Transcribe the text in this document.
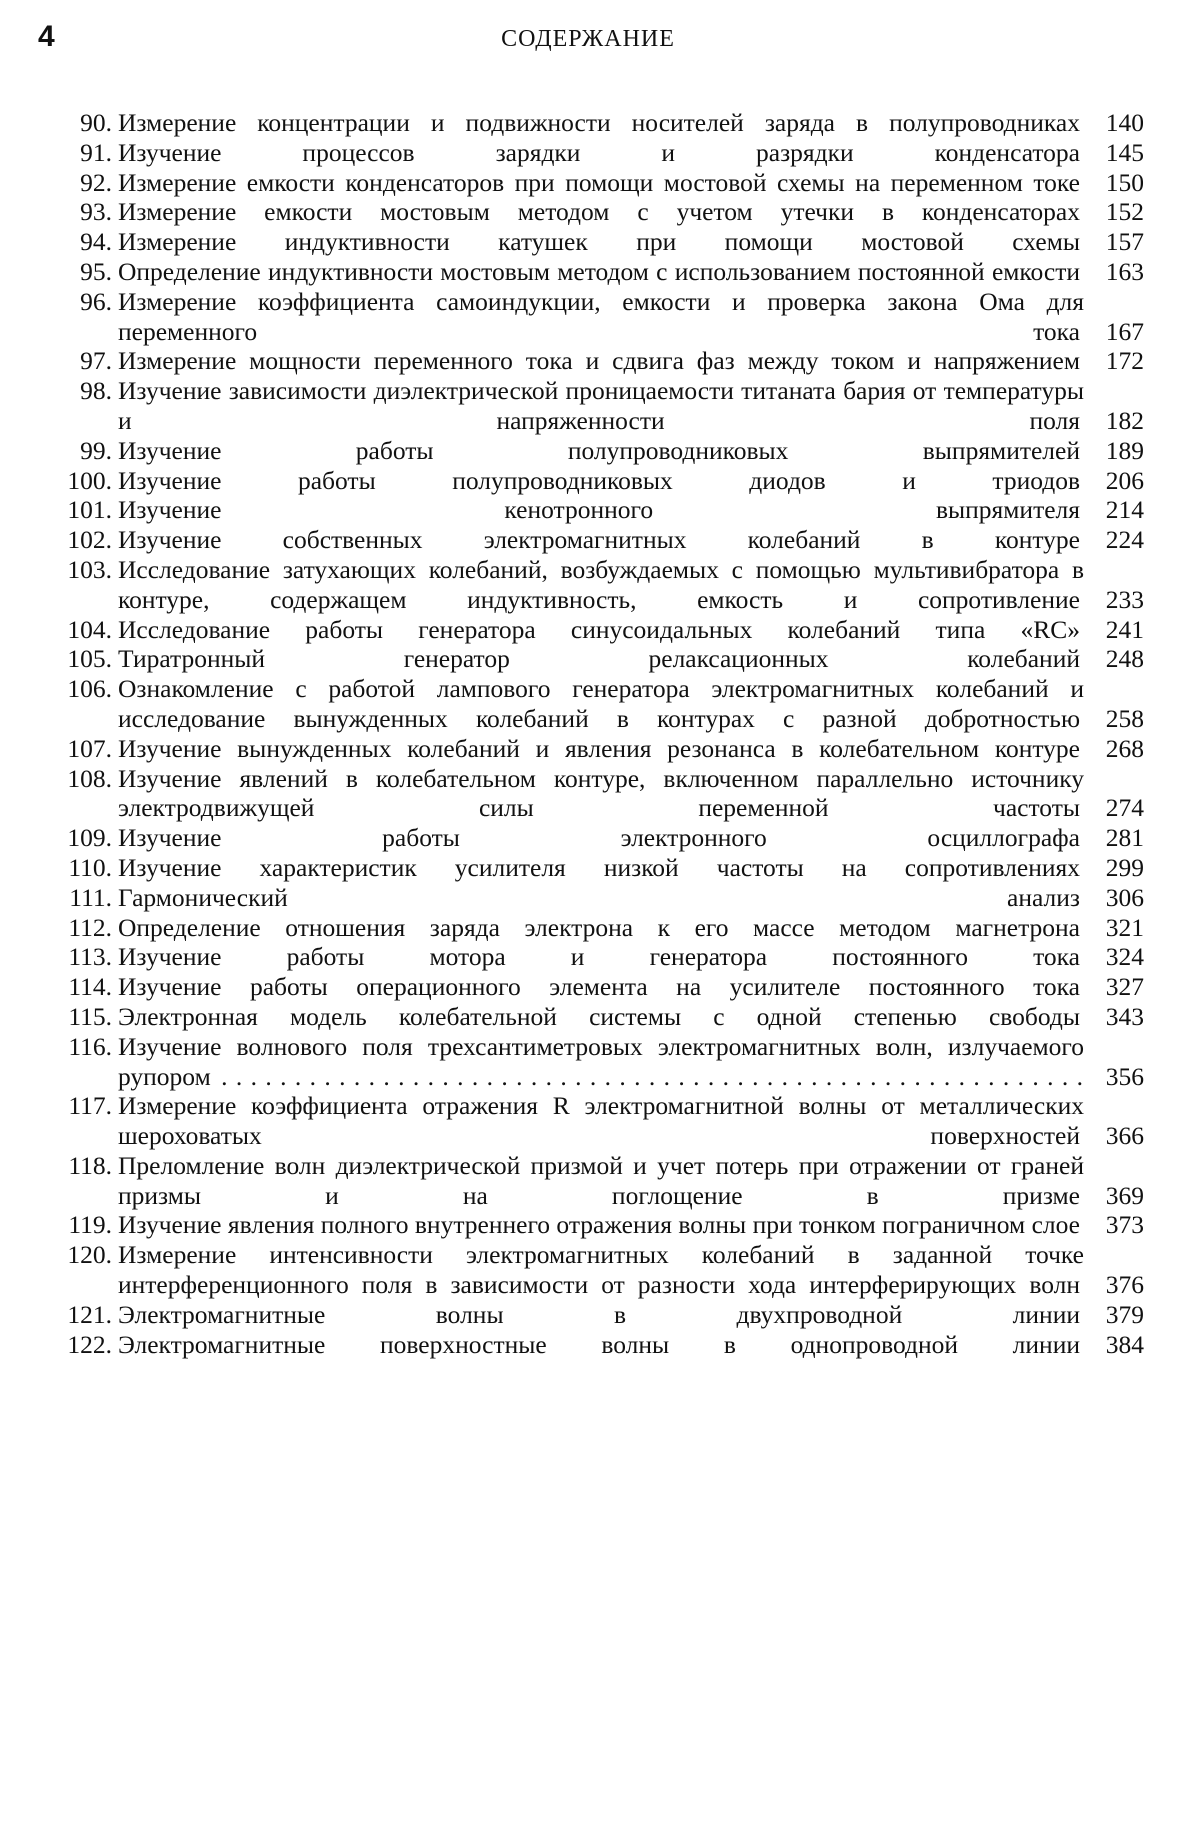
4	СОДЕРЖАНИЕ
90. Измерение концентрации и подвижности носителей заряда в полупроводниках . . .	140
91. Изучение процессов зарядки и разрядки конденсатора . . .	145
92. Измерение емкости конденсаторов при помощи мостовой схемы на переменном токе . . .	150
93. Измерение емкости мостовым методом с учетом утечки в конденсаторах . . .	152
94. Измерение индуктивности катушек при помощи мостовой схемы . . .	157
95. Определение индуктивности мостовым методом с использованием постоянной емкости . . .	163
96. Измерение коэффициента самоиндукции, емкости и проверка закона Ома для переменного тока . . .	167
97. Измерение мощности переменного тока и сдвига фаз между током и напряжением . . .	172
98. Изучение зависимости диэлектрической проницаемости титаната бария от температуры и напряженности поля . . .	182
99. Изучение работы полупроводниковых выпрямителей . . .	189
100. Изучение работы полупроводниковых диодов и триодов . . .	206
101. Изучение кенотронного выпрямителя . . .	214
102. Изучение собственных электромагнитных колебаний в контуре . . .	224
103. Исследование затухающих колебаний, возбуждаемых с помощью мультивибратора в контуре, содержащем индуктивность, емкость и сопротивление . . .	233
104. Исследование работы генератора синусоидальных колебаний типа «RC» . . .	241
105. Тиратронный генератор релаксационных колебаний . . .	248
106. Ознакомление с работой лампового генератора электромагнитных колебаний и исследование вынужденных колебаний в контурах с разной добротностью . . .	258
107. Изучение вынужденных колебаний и явления резонанса в колебательном контуре . . .	268
108. Изучение явлений в колебательном контуре, включенном параллельно источнику электродвижущей силы переменной частоты . . .	274
109. Изучение работы электронного осциллографа . . .	281
110. Изучение характеристик усилителя низкой частоты на сопротивлениях . . .	299
111. Гармонический анализ . . .	306
112. Определение отношения заряда электрона к его массе методом магнетрона . . .	321
113. Изучение работы мотора и генератора постоянного тока . . .	324
114. Изучение работы операционного элемента на усилителе постоянного тока . . .	327
115. Электронная модель колебательной системы с одной степенью свободы . . .	343
116. Изучение волнового поля трехсантиметровых электромагнитных волн, излучаемого рупором . . .	356
117. Измерение коэффициента отражения R электромагнитной волны от металлических шероховатых поверхностей . . .	366
118. Преломление волн диэлектрической призмой и учет потерь при отражении от граней призмы и на поглощение в призме . . .	369
119. Изучение явления полного внутреннего отражения волны при тонком пограничном слое . . .	373
120. Измерение интенсивности электромагнитных колебаний в заданной точке интерференционного поля в зависимости от разности хода интерферирующих волн . . .	376
121. Электромагнитные волны в двухпроводной линии . . .	379
122. Электромагнитные поверхностные волны в однопроводной линии . . .	384
